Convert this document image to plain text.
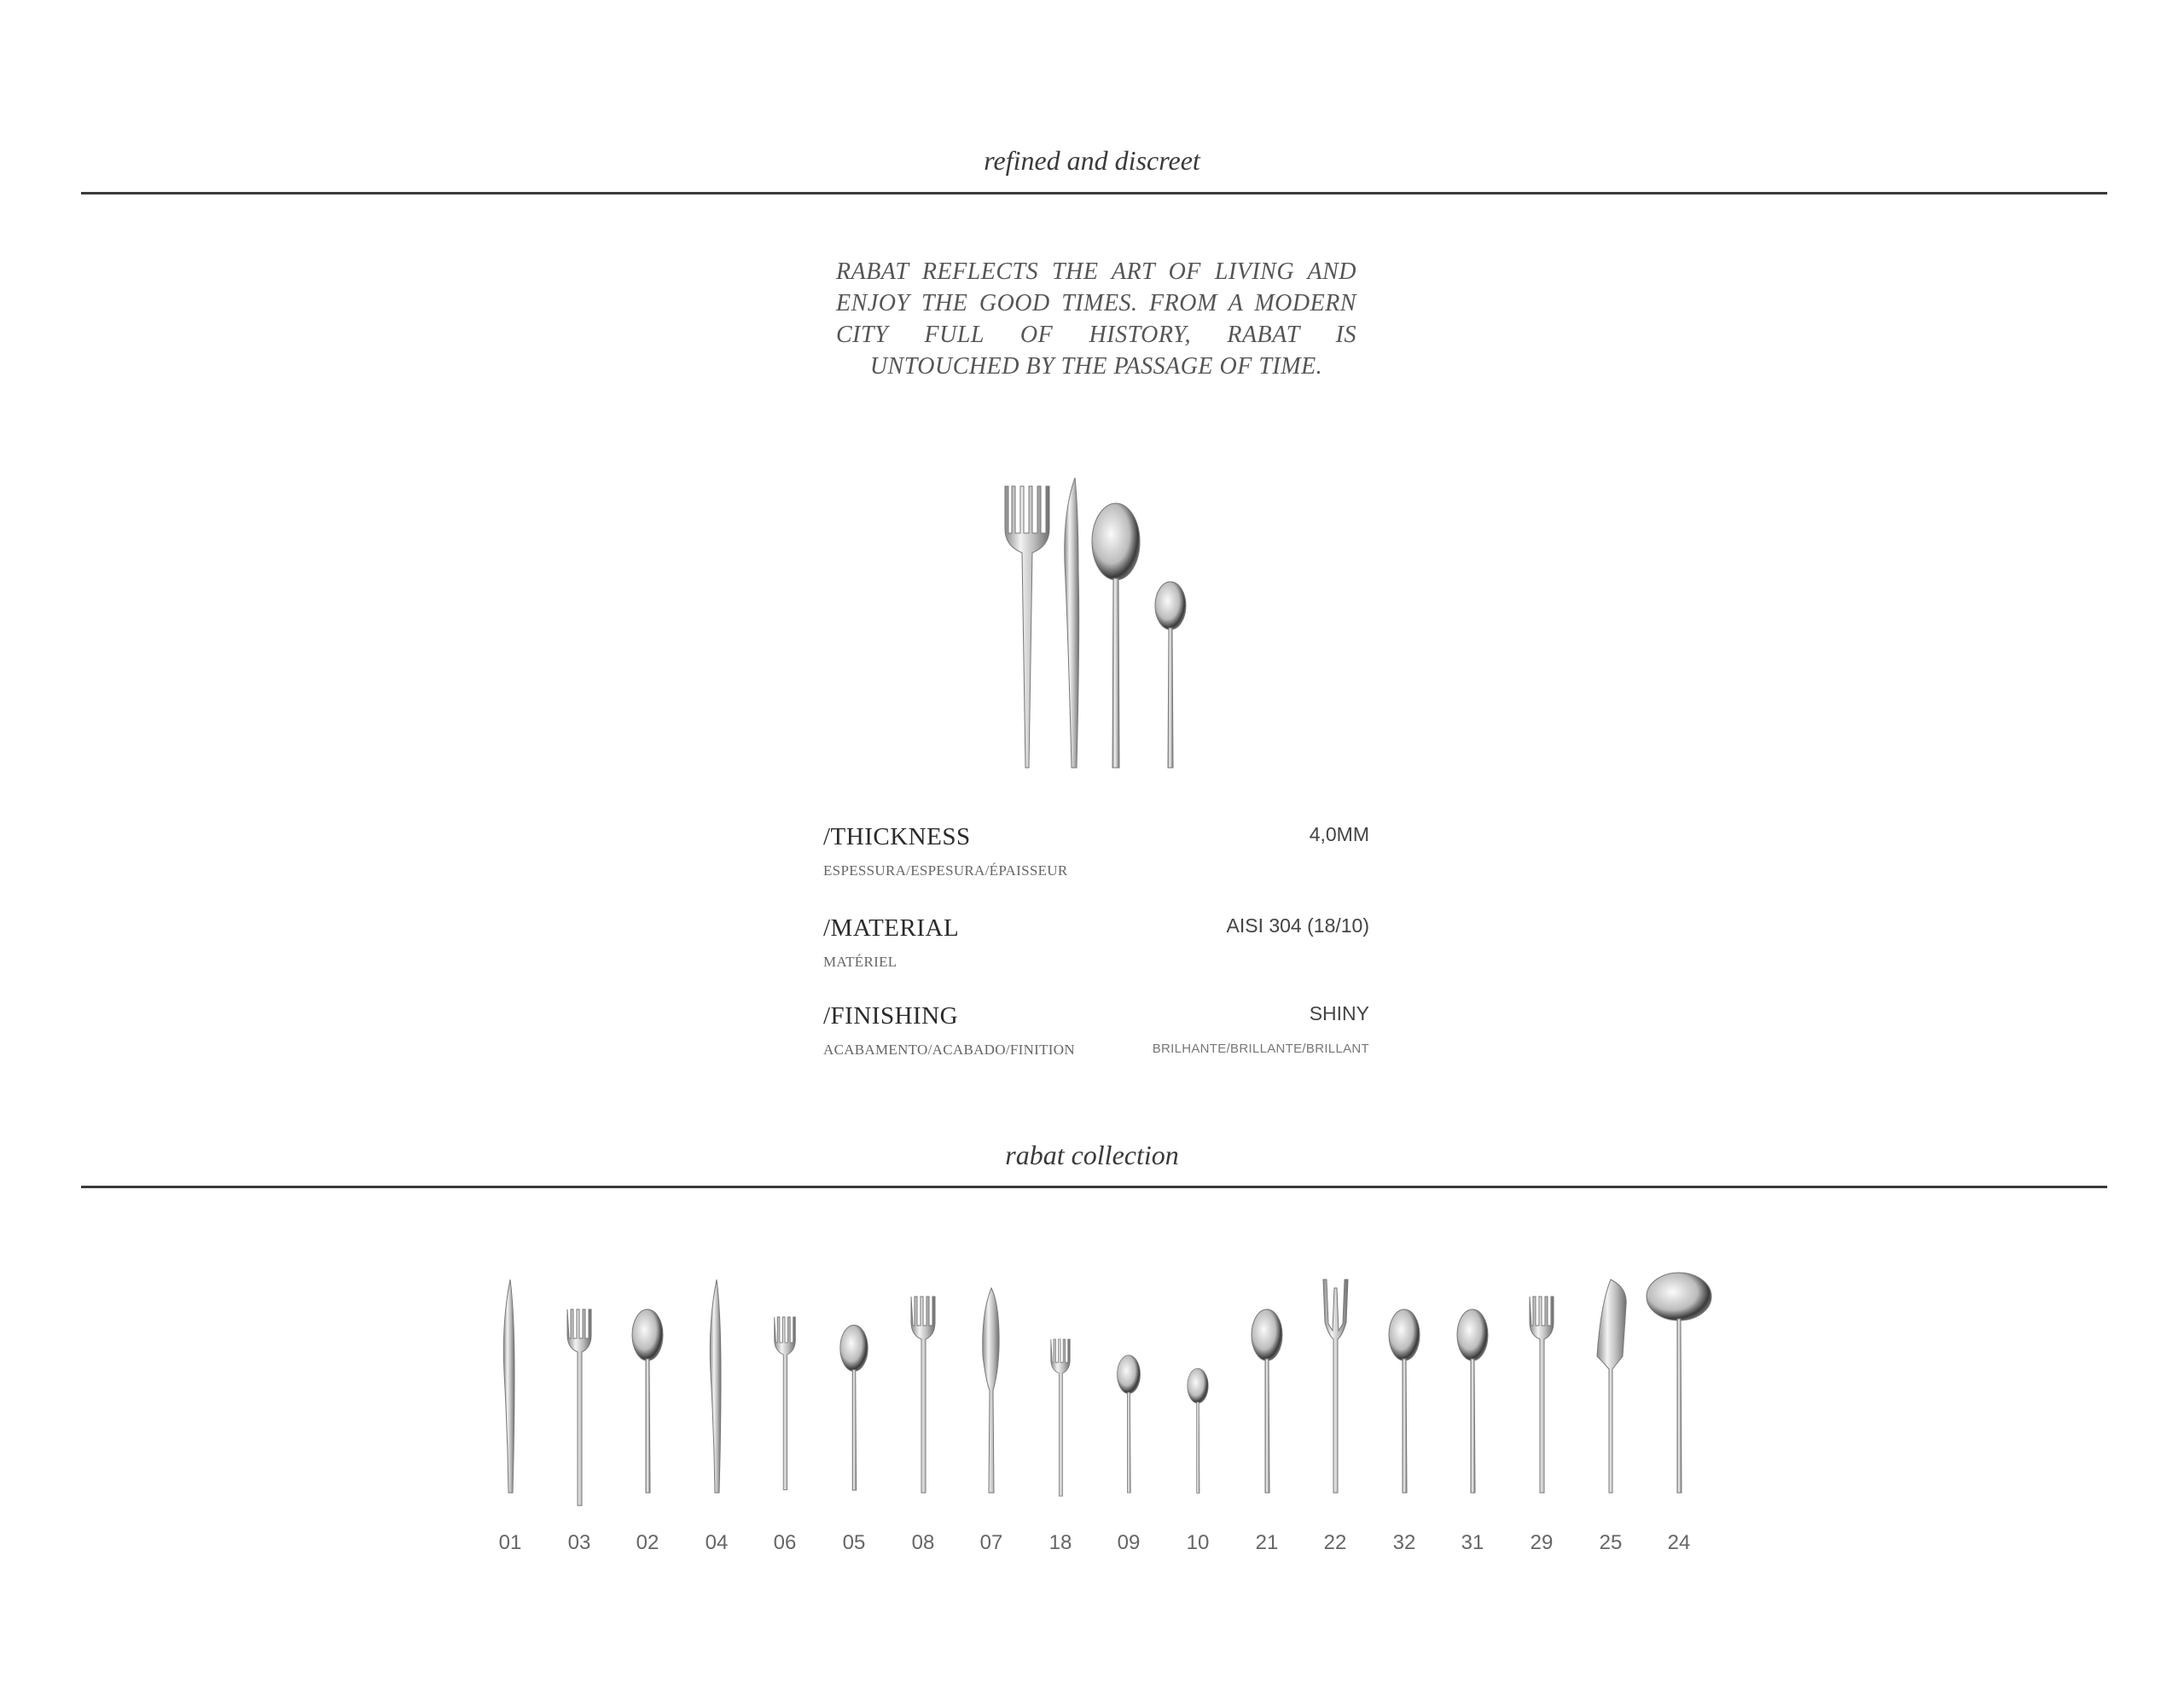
refined and discreet
RABAT REFLECTS THE ART OF LIVING AND ENJOY THE GOOD TIMES. FROM A MODERN CITY FULL OF HISTORY, RABAT IS UNTOUCHED BY THE PASSAGE OF TIME.
/THICKNESS
ESPESSURA/ESPESURA/ÉPAISSEUR
4,0MM
/MATERIAL
MATÉRIEL
AISI 304 (18/10)
/FINISHING
ACABAMENTO/ACABADO/FINITION
SHINY
BRILHANTE/BRILLANTE/BRILLANT
rabat collection
01	03	02	04	06	05	08	07	18	09	10	21	22	32	31	29	25	24
